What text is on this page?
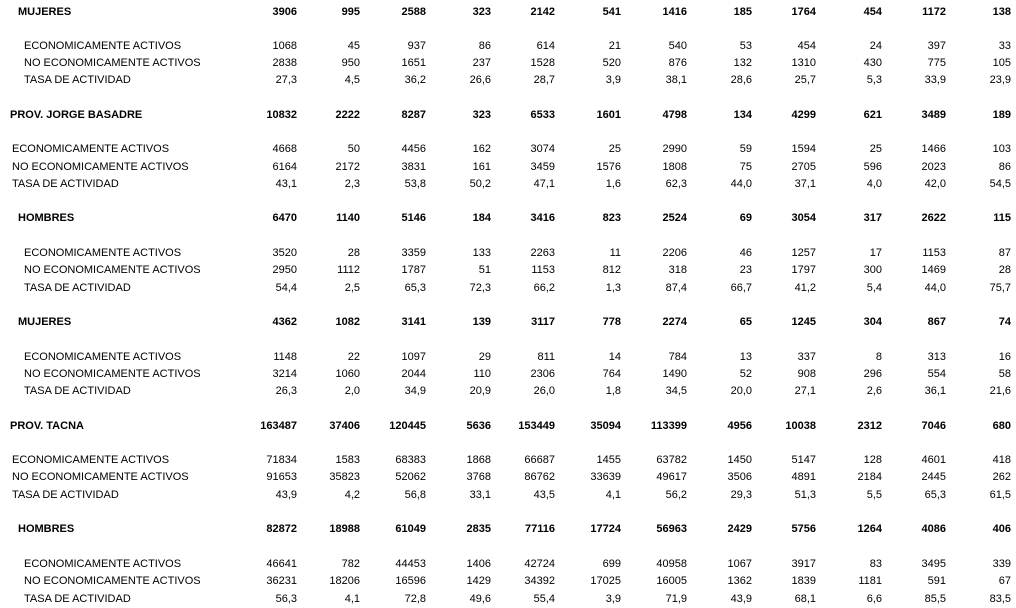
MUJERES	3906	995	2588	323	2142	541	1416	185	1764	454	1172	138
ECONOMICAMENTE ACTIVOS	1068	45	937	86	614	21	540	53	454	24	397	33
NO ECONOMICAMENTE ACTIVOS	2838	950	1651	237	1528	520	876	132	1310	430	775	105
TASA DE ACTIVIDAD	27,3	4,5	36,2	26,6	28,7	3,9	38,1	28,6	25,7	5,3	33,9	23,9
PROV. JORGE BASADRE	10832	2222	8287	323	6533	1601	4798	134	4299	621	3489	189
ECONOMICAMENTE ACTIVOS	4668	50	4456	162	3074	25	2990	59	1594	25	1466	103
NO ECONOMICAMENTE ACTIVOS	6164	2172	3831	161	3459	1576	1808	75	2705	596	2023	86
TASA DE ACTIVIDAD	43,1	2,3	53,8	50,2	47,1	1,6	62,3	44,0	37,1	4,0	42,0	54,5
HOMBRES	6470	1140	5146	184	3416	823	2524	69	3054	317	2622	115
ECONOMICAMENTE ACTIVOS	3520	28	3359	133	2263	11	2206	46	1257	17	1153	87
NO ECONOMICAMENTE ACTIVOS	2950	1112	1787	51	1153	812	318	23	1797	300	1469	28
TASA DE ACTIVIDAD	54,4	2,5	65,3	72,3	66,2	1,3	87,4	66,7	41,2	5,4	44,0	75,7
MUJERES	4362	1082	3141	139	3117	778	2274	65	1245	304	867	74
ECONOMICAMENTE ACTIVOS	1148	22	1097	29	811	14	784	13	337	8	313	16
NO ECONOMICAMENTE ACTIVOS	3214	1060	2044	110	2306	764	1490	52	908	296	554	58
TASA DE ACTIVIDAD	26,3	2,0	34,9	20,9	26,0	1,8	34,5	20,0	27,1	2,6	36,1	21,6
PROV. TACNA	163487	37406	120445	5636	153449	35094	113399	4956	10038	2312	7046	680
ECONOMICAMENTE ACTIVOS	71834	1583	68383	1868	66687	1455	63782	1450	5147	128	4601	418
NO ECONOMICAMENTE ACTIVOS	91653	35823	52062	3768	86762	33639	49617	3506	4891	2184	2445	262
TASA DE ACTIVIDAD	43,9	4,2	56,8	33,1	43,5	4,1	56,2	29,3	51,3	5,5	65,3	61,5
HOMBRES	82872	18988	61049	2835	77116	17724	56963	2429	5756	1264	4086	406
ECONOMICAMENTE ACTIVOS	46641	782	44453	1406	42724	699	40958	1067	3917	83	3495	339
NO ECONOMICAMENTE ACTIVOS	36231	18206	16596	1429	34392	17025	16005	1362	1839	1181	591	67
TASA DE ACTIVIDAD	56,3	4,1	72,8	49,6	55,4	3,9	71,9	43,9	68,1	6,6	85,5	83,5
